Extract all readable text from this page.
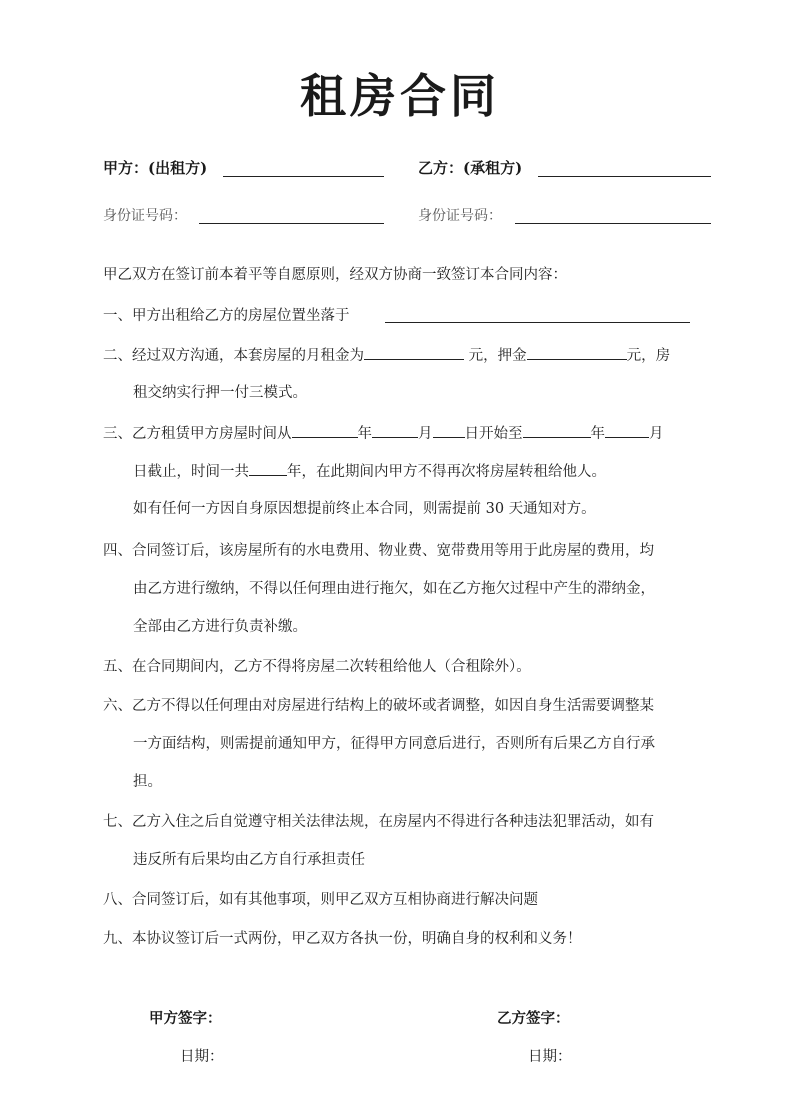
租房合同
甲方：(出租方)	乙方：(承租方)
身份证号码：	身份证号码：
甲乙双方在签订前本着平等自愿原则，经双方协商一致签订本合同内容：
一、甲方出租给乙方的房屋位置坐落于
二、经过双方沟通，本套房屋的月租金为	元，押金	元，房
租交纳实行押一付三模式。
三、乙方租赁甲方房屋时间从	年	月 日开始至	年	月
日截止，时间一共	年，在此期间内甲方不得再次将房屋转租给他人。
如有任何一方因自身原因想提前终止本合同，则需提前 30 天通知对方。
四、合同签订后，该房屋所有的水电费用、物业费、宽带费用等用于此房屋的费用，均
由乙方进行缴纳，不得以任何理由进行拖欠，如在乙方拖欠过程中产生的滞纳金，
全部由乙方进行负责补缴。
五、在合同期间内，乙方不得将房屋二次转租给他人（合租除外）。
六、乙方不得以任何理由对房屋进行结构上的破坏或者调整，如因自身生活需要调整某
一方面结构，则需提前通知甲方，征得甲方同意后进行，否则所有后果乙方自行承
担。
七、乙方入住之后自觉遵守相关法律法规，在房屋内不得进行各种违法犯罪活动，如有
违反所有后果均由乙方自行承担责任
八、合同签订后，如有其他事项，则甲乙双方互相协商进行解决问题
九、本协议签订后一式两份，甲乙双方各执一份，明确自身的权利和义务！
甲方签字：	乙方签字：
日期：	日期：
